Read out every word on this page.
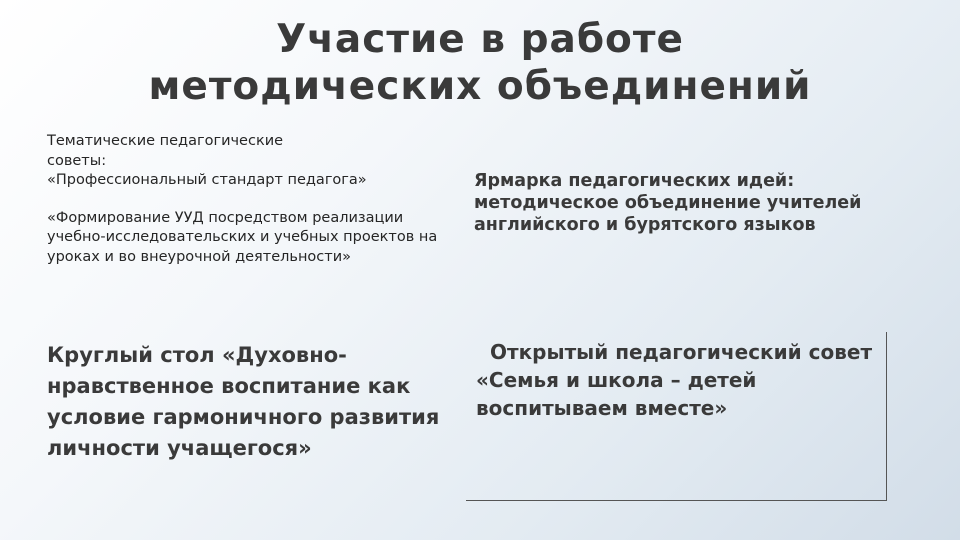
Участие в работе
методических объединений

Тематические педагогические советы:

«Профессиональный стандарт педагога»

«Формирование УУД посредством реализации учебно-исследовательских и учебных проектов на уроках и во внеурочной деятельности»

Ярмарка педагогических идей:

методическое объединение учителей английского и бурятского языков

Круглый стол «Духовно-нравственное воспитание как условие гармоничного развития личности учащегося»
Открытый педагогический совет «Семья и школа – детей воспитываем вместе»
